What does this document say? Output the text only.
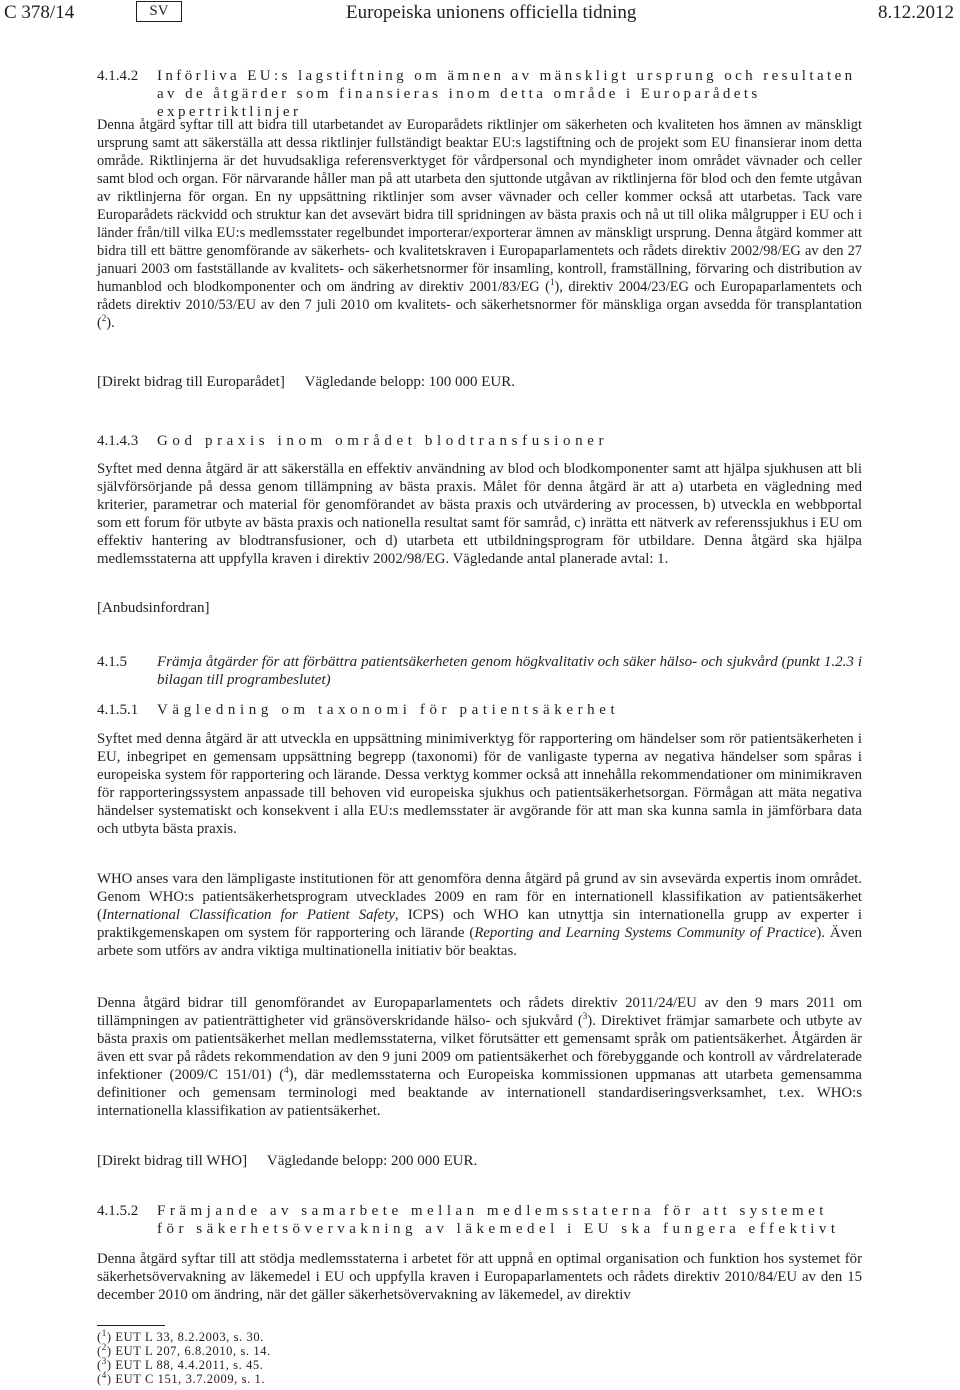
C 378/14	SV	Europeiska unionens officiella tidning	8.12.2012
4.1.4.2 Införliva EU:s lagstiftning om ämnen av mänskligt ursprung och resultaten av de åtgärder som finansieras inom detta område i Europarådets expertriktlinjer
Denna åtgärd syftar till att bidra till utarbetandet av Europarådets riktlinjer om säkerheten och kvaliteten hos ämnen av mänskligt ursprung samt att säkerställa att dessa riktlinjer fullständigt beaktar EU:s lagstiftning och de projekt som EU finansierar inom detta område. Riktlinjerna är det huvudsakliga referensverktyget för vårdpersonal och myndigheter inom området vävnader och celler samt blod och organ. För närvarande håller man på att utarbeta den sjuttonde utgåvan av riktlinjerna för blod och den femte utgåvan av riktlinjerna för organ. En ny uppsättning riktlinjer som avser vävnader och celler kommer också att utarbetas. Tack vare Europarådets räckvidd och struktur kan det avsevärt bidra till spridningen av bästa praxis och nå ut till olika målgrupper i EU och i länder från/till vilka EU:s medlemsstater regelbundet importerar/exporterar ämnen av mänskligt ursprung. Denna åtgärd kommer att bidra till ett bättre genomförande av säkerhets- och kvalitetskraven i Europaparlamentets och rådets direktiv 2002/98/EG av den 27 januari 2003 om fastställande av kvalitets- och säkerhetsnormer för insamling, kontroll, framställning, förvaring och distribution av humanblod och blodkomponenter och om ändring av direktiv 2001/83/EG ($^1$), direktiv 2004/23/EG och Europaparlamentets och rådets direktiv 2010/53/EU av den 7 juli 2010 om kvalitets- och säkerhetsnormer för mänskliga organ avsedda för transplantation ($^2$).
[Direkt bidrag till Europarådet] Vägledande belopp: 100 000 EUR.
4.1.4.3 God praxis inom området blodtransfusioner
Syftet med denna åtgärd är att säkerställa en effektiv användning av blod och blodkomponenter samt att hjälpa sjukhusen att bli självförsörjande på dessa genom tillämpning av bästa praxis. Målet för denna åtgärd är att a) utarbeta en vägledning med kriterier, parametrar och material för genomförandet av bästa praxis och utvärdering av processen, b) utveckla en webbportal som ett forum för utbyte av bästa praxis och nationella resultat samt för samråd, c) inrätta ett nätverk av referenssjukhus i EU om effektiv hantering av blodtransfusioner, och d) utarbeta ett utbildningsprogram för utbildare. Denna åtgärd ska hjälpa medlemsstaterna att uppfylla kraven i direktiv 2002/98/EG. Vägledande antal planerade avtal: 1.
[Anbudsinfordran]
4.1.5 Främja åtgärder för att förbättra patientsäkerheten genom högkvalitativ och säker hälso- och sjukvård (punkt 1.2.3 i bilagan till programbeslutet)
4.1.5.1 Vägledning om taxonomi för patientsäkerhet
Syftet med denna åtgärd är att utveckla en uppsättning minimiverktyg för rapportering om händelser som rör patientsäkerheten i EU, inbegripet en gemensam uppsättning begrepp (taxonomi) för de vanligaste typerna av negativa händelser som spåras i europeiska system för rapportering och lärande. Dessa verktyg kommer också att innehålla rekommendationer om minimikraven för rapporteringssystem anpassade till behoven vid europeiska sjukhus och patientsäkerhetsorgan. Förmågan att mäta negativa händelser systematiskt och konsekvent i alla EU:s medlemsstater är avgörande för att man ska kunna samla in jämförbara data och utbyta bästa praxis.
WHO anses vara den lämpligaste institutionen för att genomföra denna åtgärd på grund av sin avsevärda expertis inom området. Genom WHO:s patientsäkerhetsprogram utvecklades 2009 en ram för en internationell klassifikation av patientsäkerhet (International Classification for Patient Safety, ICPS) och WHO kan utnyttja sin internationella grupp av experter i praktikgemenskapen om system för rapportering och lärande (Reporting and Learning Systems Community of Practice). Även arbete som utförs av andra viktiga multinationella initiativ bör beaktas.
Denna åtgärd bidrar till genomförandet av Europaparlamentets och rådets direktiv 2011/24/EU av den 9 mars 2011 om tillämpningen av patienträttigheter vid gränsöverskridande hälso- och sjukvård ($^3$). Direktivet främjar samarbete och utbyte av bästa praxis om patientsäkerhet mellan medlemsstaterna, vilket förutsätter ett gemensamt språk om patientsäkerhet. Åtgärden är även ett svar på rådets rekommendation av den 9 juni 2009 om patientsäkerhet och förebyggande och kontroll av vårdrelaterade infektioner (2009/C 151/01) ($^4$), där medlemsstaterna och Europeiska kommissionen uppmanas att utarbeta gemensamma definitioner och gemensam terminologi med beaktande av internationell standardiseringsverksamhet, t.ex. WHO:s internationella klassifikation av patientsäkerhet.
[Direkt bidrag till WHO] Vägledande belopp: 200 000 EUR.
4.1.5.2 Främjande av samarbete mellan medlemsstaterna för att systemet för säkerhetsövervakning av läkemedel i EU ska fungera effektivt
Denna åtgärd syftar till att stödja medlemsstaterna i arbetet för att uppnå en optimal organisation och funktion hos systemet för säkerhetsövervakning av läkemedel i EU och uppfylla kraven i Europaparlamentets och rådets direktiv 2010/84/EU av den 15 december 2010 om ändring, när det gäller säkerhetsövervakning av läkemedel, av direktiv
($^1$) EUT L 33, 8.2.2003, s. 30.
($^2$) EUT L 207, 6.8.2010, s. 14.
($^3$) EUT L 88, 4.4.2011, s. 45.
($^4$) EUT C 151, 3.7.2009, s. 1.
